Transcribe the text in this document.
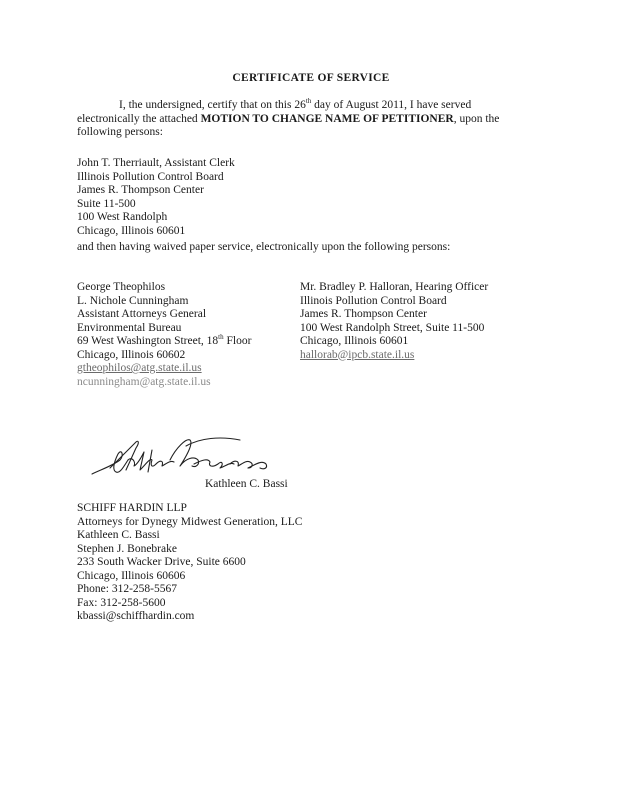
CERTIFICATE OF SERVICE
I, the undersigned, certify that on this 26th day of August 2011, I have served
electronically the attached MOTION TO CHANGE NAME OF PETITIONER, upon the
following persons:
John T. Therriault, Assistant Clerk
Illinois Pollution Control Board
James R. Thompson Center
Suite 11-500
100 West Randolph
Chicago, Illinois 60601
and then having waived paper service, electronically upon the following persons:
George Theophilos
L. Nichole Cunningham
Assistant Attorneys General
Environmental Bureau
69 West Washington Street, 18th Floor
Chicago, Illinois 60602
gtheophilos@atg.state.il.us
ncunningham@atg.state.il.us
Mr. Bradley P. Halloran, Hearing Officer
Illinois Pollution Control Board
James R. Thompson Center
100 West Randolph Street, Suite 11-500
Chicago, Illinois 60601
hallorab@ipcb.state.il.us
Kathleen C. Bassi
SCHIFF HARDIN LLP
Attorneys for Dynegy Midwest Generation, LLC
Kathleen C. Bassi
Stephen J. Bonebrake
233 South Wacker Drive, Suite 6600
Chicago, Illinois 60606
Phone: 312-258-5567
Fax: 312-258-5600
kbassi@schiffhardin.com
